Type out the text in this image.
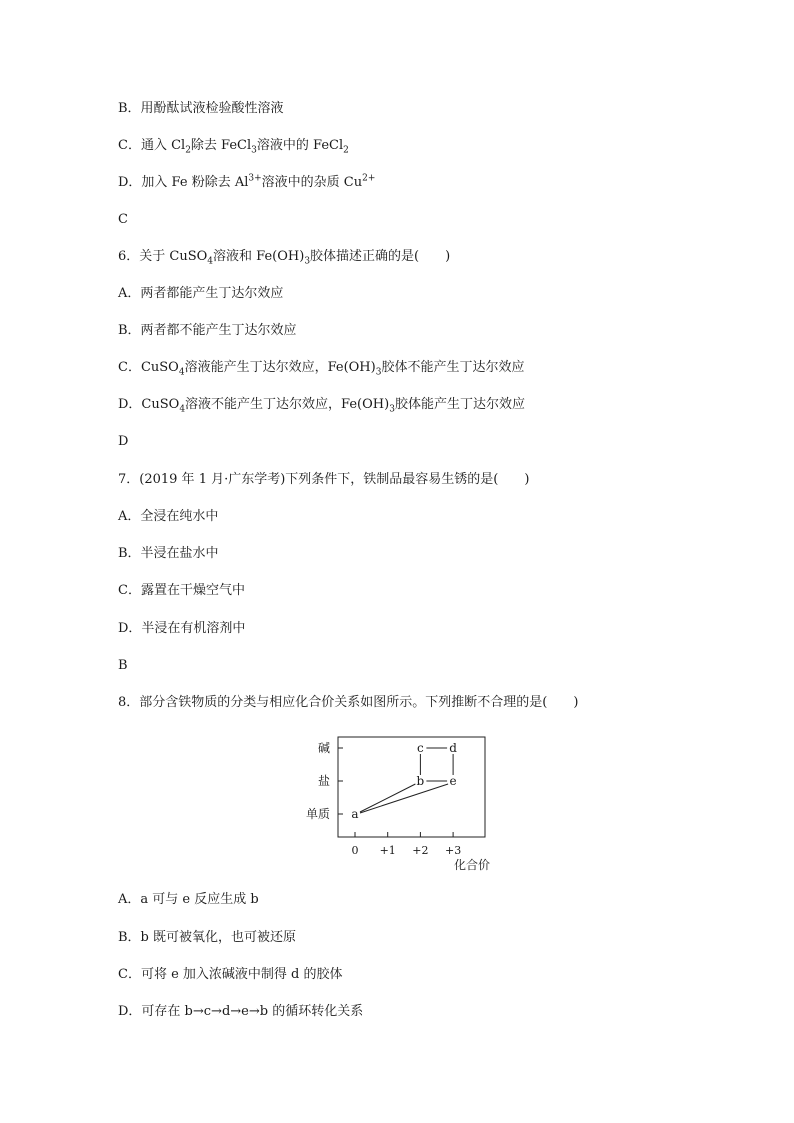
B．用酚酞试液检验酸性溶液
C．通入 $Cl_2$除去 FeCl$_3$溶液中的 FeCl$_2$
D．加入 Fe 粉除去 $Al^{3+}$溶液中的杂质 $Cu^{2+}$
C
6．关于 CuSO$_4$溶液和 $Fe(OH)_3$胶体描述正确的是(　　)
A．两者都能产生丁达尔效应
B．两者都不能产生丁达尔效应
C．CuSO$_4$溶液能产生丁达尔效应，$Fe(OH)_3$胶体不能产生丁达尔效应
D．CuSO$_4$溶液不能产生丁达尔效应，$Fe(OH)_3$胶体能产生丁达尔效应
D
7．(2019 年 1 月·广东学考)下列条件下，铁制品最容易生锈的是(　　)
A．全浸在纯水中
B．半浸在盐水中
C．露置在干燥空气中
D．半浸在有机溶剂中
B
8．部分含铁物质的分类与相应化合价关系如图所示。下列推断不合理的是(　　)
碱
盐
单质
0 +1 +2 +3
a
b e
c d
化合价
A．a 可与 e 反应生成 b
B．b 既可被氧化，也可被还原
C．可将 e 加入浓碱液中制得 d 的胶体
D．可存在 b→c→d→e→b 的循环转化关系
